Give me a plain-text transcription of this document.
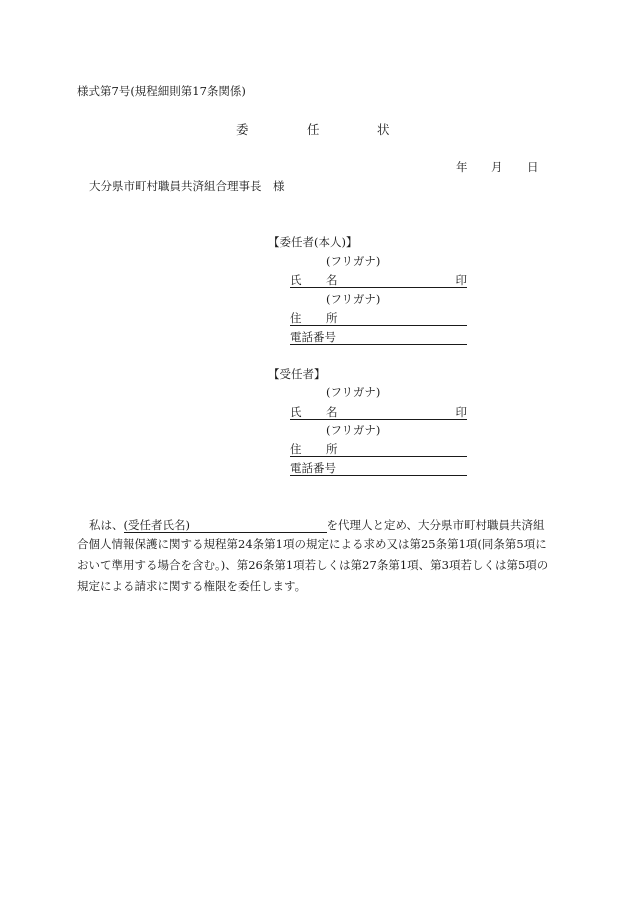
様式第7号(規程細則第17条関係)
委	任	状
年 月 日
大分県市町村職員共済組合理事長　様
【委任者(本人)】
(フリガナ)
氏 名	印
(フリガナ)
住 所
電話番号
【受任者】
(フリガナ)
氏 名	印
(フリガナ)
住 所
電話番号
私は、(受任者氏名)	を代理人と定め、大分県市町村職員共済組
合個人情報保護に関する規程第24条第1項の規定による求め又は第25条第1項(同条第5項に
おいて準用する場合を含む。)、第26条第1項若しくは第27条第1項、第3項若しくは第5項の
規定による請求に関する権限を委任します。
